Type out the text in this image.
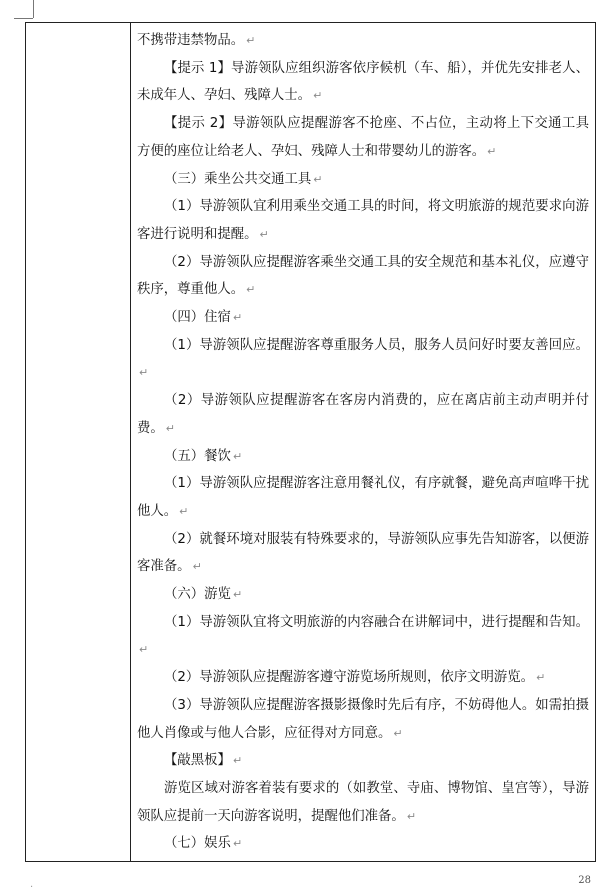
不携带违禁物品。 ↵

【提示 1】导游领队应组织游客依序候机（车、船），并优先安排老人、未成年人、孕妇、残障人士。 ↵

【提示 2】导游领队应提醒游客不抢座、不占位，主动将上下交通工具方便的座位让给老人、孕妇、残障人士和带婴幼儿的游客。 ↵

（三）乘坐公共交通工具 ↵

（1）导游领队宜利用乘坐交通工具的时间，将文明旅游的规范要求向游客进行说明和提醒。 ↵

（2）导游领队应提醒游客乘坐交通工具的安全规范和基本礼仪，应遵守秩序，尊重他人。 ↵

（四）住宿 ↵

（1）导游领队应提醒游客尊重服务人员，服务人员问好时要友善回应。↵

（2）导游领队应提醒游客在客房内消费的，应在离店前主动声明并付费。 ↵

（五）餐饮 ↵

（1）导游领队应提醒游客注意用餐礼仪，有序就餐，避免高声喧哗干扰他人。 ↵

（2）就餐环境对服装有特殊要求的，导游领队应事先告知游客，以便游客准备。 ↵

（六）游览 ↵

（1）导游领队宜将文明旅游的内容融合在讲解词中，进行提醒和告知。↵

（2）导游领队应提醒游客遵守游览场所规则，依序文明游览。 ↵

（3）导游领队应提醒游客摄影摄像时先后有序，不妨碍他人。如需拍摄他人肖像或与他人合影，应征得对方同意。 ↵

【敲黑板】 ↵

游览区域对游客着装有要求的（如教堂、寺庙、博物馆、皇宫等），导游领队应提前一天向游客说明，提醒他们准备。 ↵

（七）娱乐 ↵

.	28
